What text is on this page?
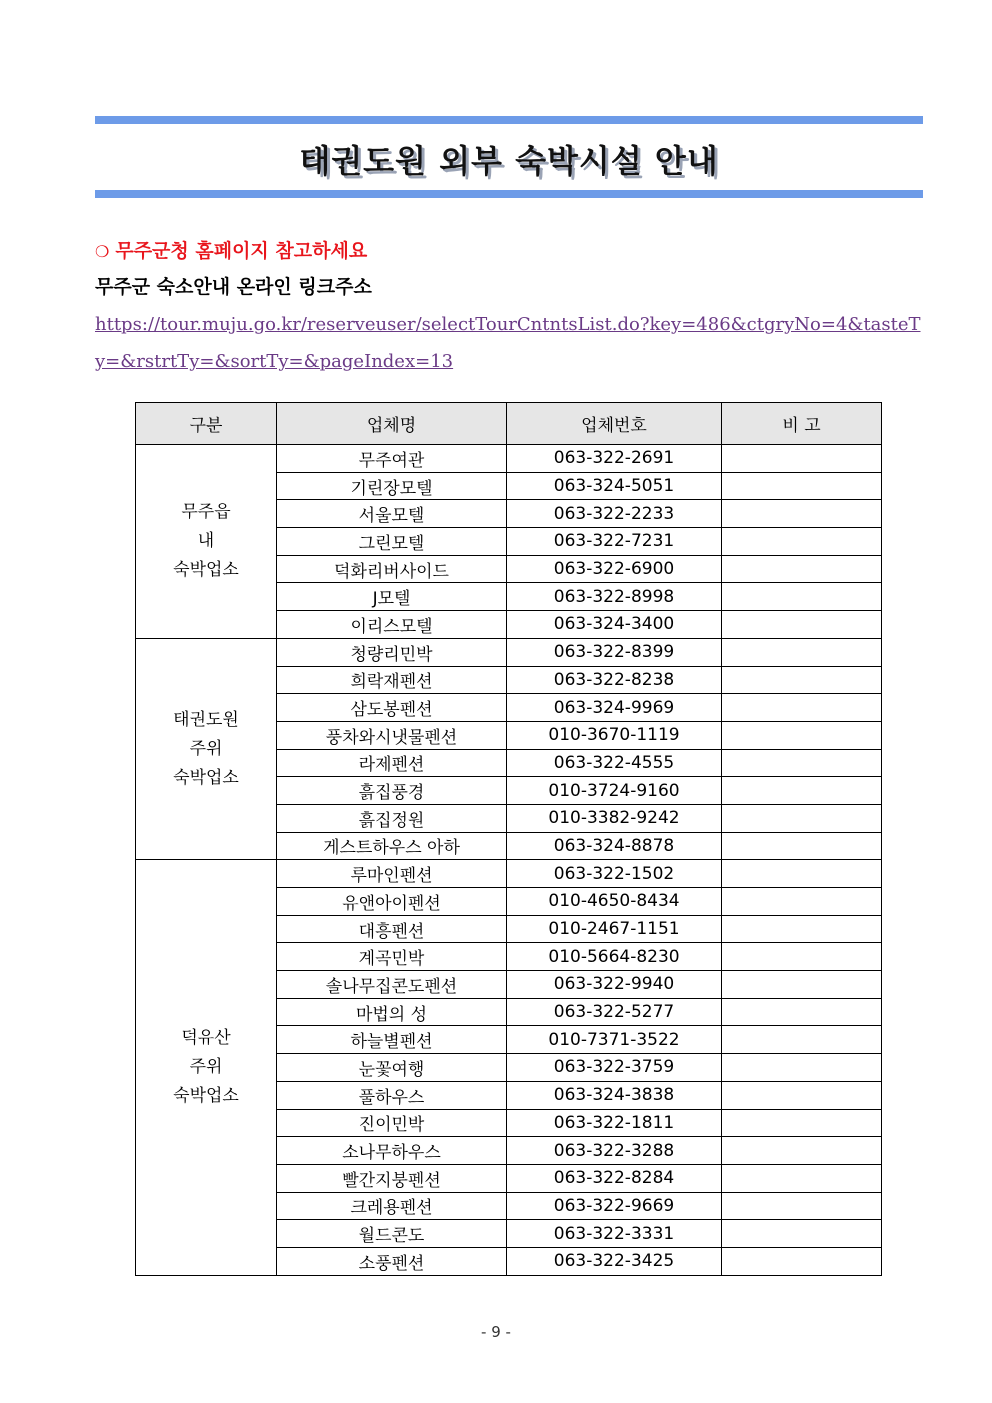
태권도원 외부 숙박시설 안내
❍ 무주군청 홈페이지 참고하세요
무주군 숙소안내 온라인 링크주소
https://tour.muju.go.kr/reserveuser/selectTourCntntsList.do?key=486&ctgryNo=4&tasteTy=&rstrtTy=&sortTy=&pageIndex=13
구분	업체명	업체번호	비 고

무주읍
내
숙박업소	무주여관	063-322-2691	
	기린장모텔	063-324-5051	
	서울모텔	063-322-2233	
	그린모텔	063-322-7231	
	덕화리버사이드	063-322-6900	
	J모텔	063-322-8998	
	이리스모텔	063-324-3400	

태권도원
주위
숙박업소	청량리민박	063-322-8399	
	희락재펜션	063-322-8238	
	삼도봉펜션	063-324-9969	
	풍차와시냇물펜션	010-3670-1119	
	라제펜션	063-322-4555	
	흙집풍경	010-3724-9160	
	흙집정원	010-3382-9242	
	게스트하우스 아하	063-324-8878	

덕유산
주위
숙박업소	루마인펜션	063-322-1502	
	유앤아이펜션	010-4650-8434	
	대흥펜션	010-2467-1151	
	계곡민박	010-5664-8230	
	솔나무집콘도펜션	063-322-9940	
	마법의 성	063-322-5277	
	하늘별펜션	010-7371-3522	
	눈꽃여행	063-322-3759	
	풀하우스	063-324-3838	
	진이민박	063-322-1811	
	소나무하우스	063-322-3288	
	빨간지붕펜션	063-322-8284	
	크레용펜션	063-322-9669	
	월드콘도	063-322-3331	
	소풍펜션	063-322-3425	
- 9 -
